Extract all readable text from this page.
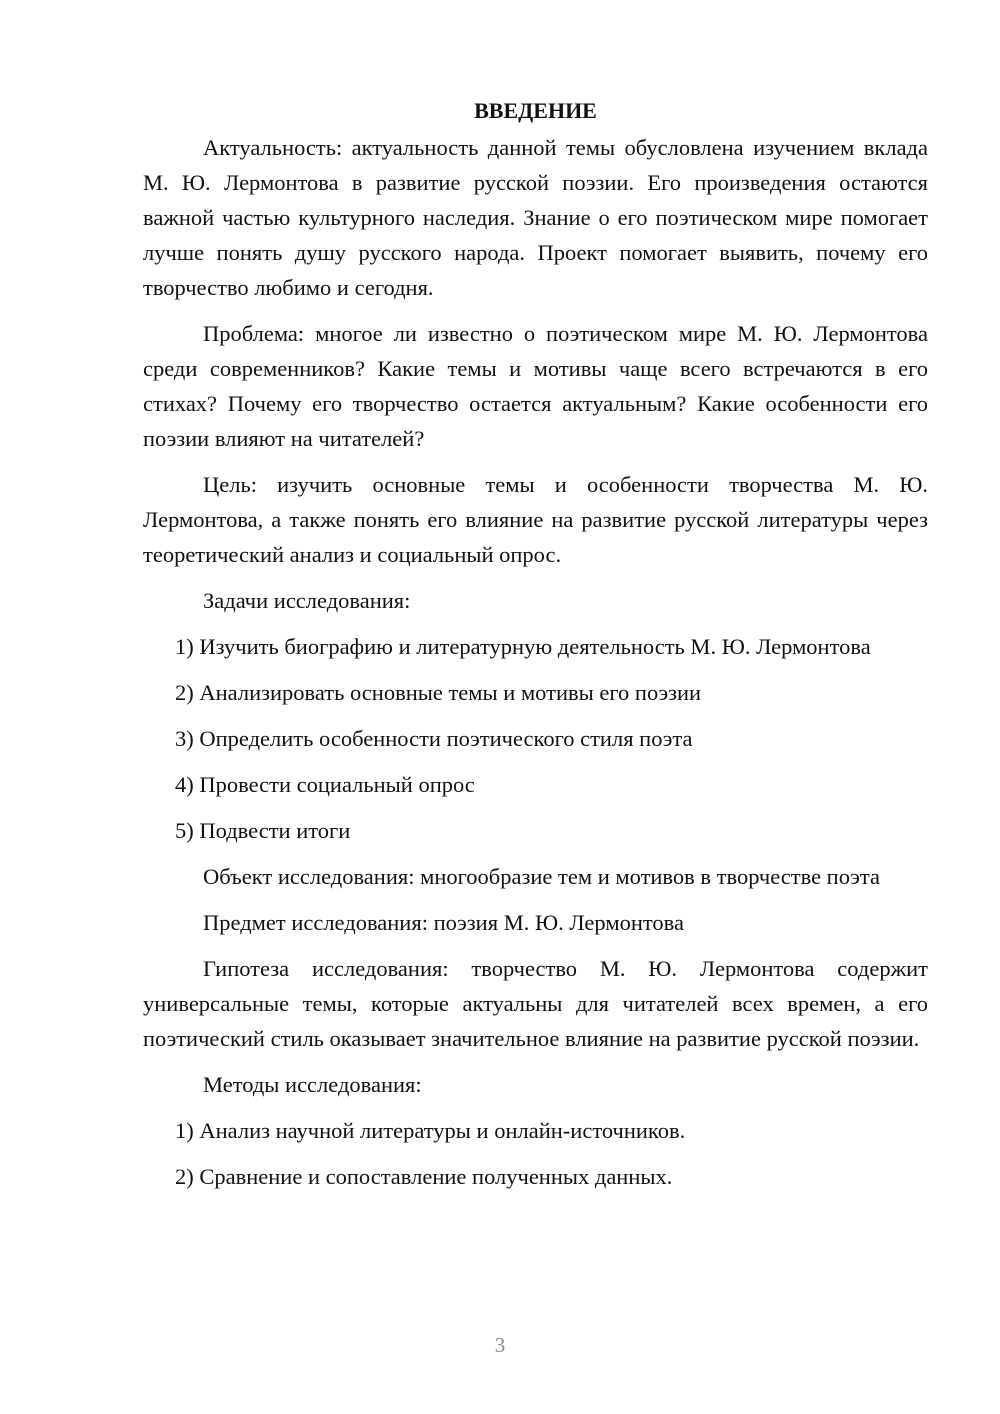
ВВЕДЕНИЕ

Актуальность: актуальность данной темы обусловлена изучением вклада М. Ю. Лермонтова в развитие русской поэзии. Его произведения остаются важной частью культурного наследия. Знание о его поэтическом мире помогает лучше понять душу русского народа. Проект помогает выявить, почему его творчество любимо и сегодня.

Проблема: многое ли известно о поэтическом мире М. Ю. Лермонтова среди современников? Какие темы и мотивы чаще всего встречаются в его стихах? Почему его творчество остается актуальным? Какие особенности его поэзии влияют на читателей?

Цель: изучить основные темы и особенности творчества М. Ю. Лермонтова, а также понять его влияние на развитие русской литературы через теоретический анализ и социальный опрос.

Задачи исследования:

1) Изучить биографию и литературную деятельность М. Ю. Лермонтова

2) Анализировать основные темы и мотивы его поэзии

3) Определить особенности поэтического стиля поэта

4) Провести социальный опрос

5) Подвести итоги

Объект исследования: многообразие тем и мотивов в творчестве поэта

Предмет исследования: поэзия М. Ю. Лермонтова

Гипотеза исследования: творчество М. Ю. Лермонтова содержит универсальные темы, которые актуальны для читателей всех времен, а его поэтический стиль оказывает значительное влияние на развитие русской поэзии.

Методы исследования:

1) Анализ научной литературы и онлайн-источников.

2) Сравнение и сопоставление полученных данных.

3
